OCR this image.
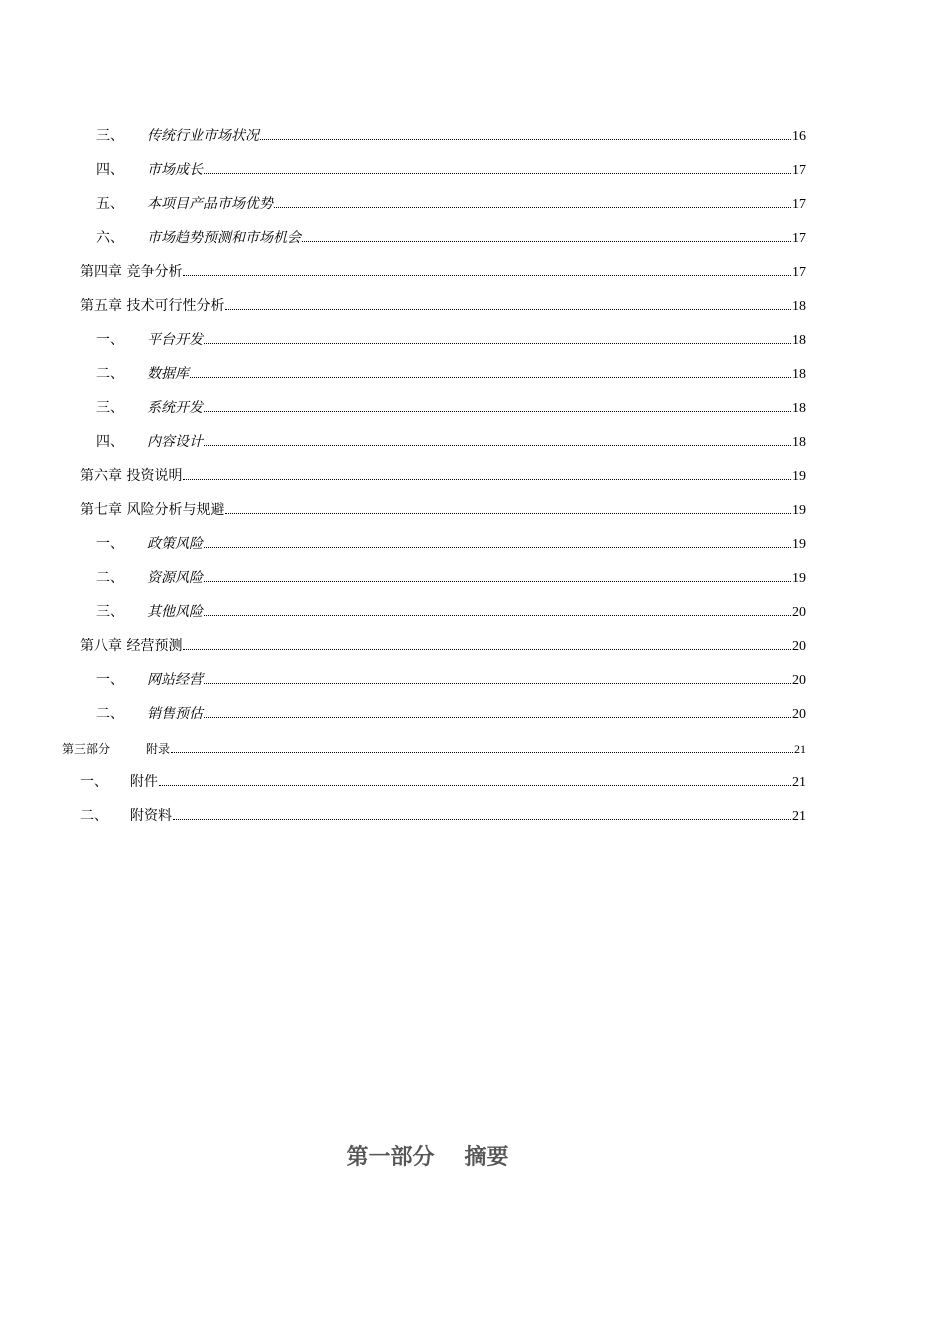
三、	传统行业市场状况	16
四、	市场成长	17
五、	本项目产品市场优势	17
六、	市场趋势预测和市场机会	17
第四章 竞争分析	17
第五章 技术可行性分析	18
一、	平台开发	18
二、	数据库	18
三、	系统开发	18
四、	内容设计	18
第六章 投资说明	19
第七章 风险分析与规避	19
一、	政策风险	19
二、	资源风险	19
三、	其他风险	20
第八章 经营预测	20
一、	网站经营	20
二、	销售预估	20
第三部分	附录	21
一、	附件	21
二、	附资料	21
第一部分 摘要
